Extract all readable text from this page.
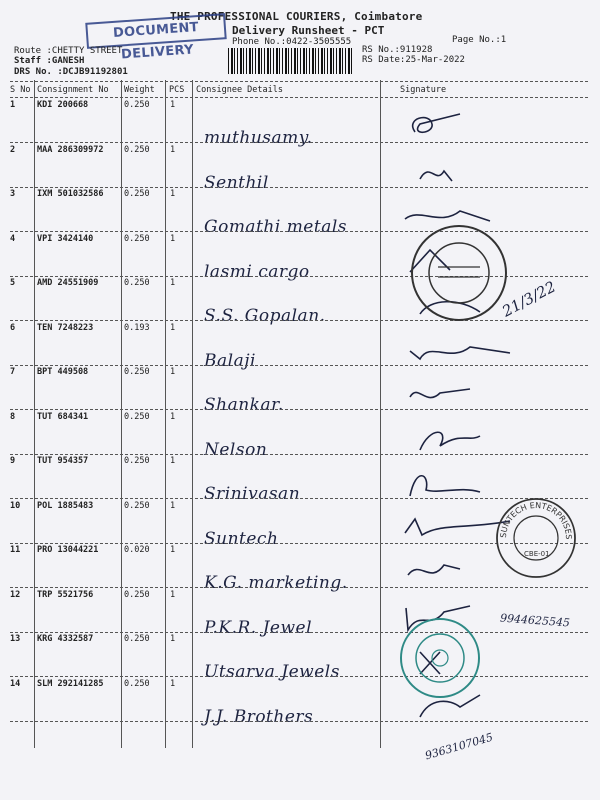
THE PROFESSIONAL COURIERS, Coimbatore
Delivery Runsheet - PCT
Phone No.:0422-3505555	Page No.:1
DOCUMENT DELIVERY
Route :CHETTY STREET
Staff :GANESH
DRS No. :DCJB91192801
RS No.:911928
RS Date:25-Mar-2022
S No Consignment No Weight PCS Consignee Details	Signature
1	KDI 200668	0.250 1
muthusamy.
2	MAA 286309972 0.250 1
Senthil
3	IXM 501032586 0.250 1
Gomathi metals
4	VPI 3424140	0.250 1
lasmi cargo
5	AMD 24551909	0.250 1
S.S. Gopalan.
6	TEN 7248223	0.193 1
Balaji
7	BPT 449508	0.250 1
Shankar.
8	TUT 684341	0.250 1
Nelson
9	TUT 954357	0.250 1
Srinivasan
10 POL 1885483	0.250 1
Suntech
11 PRO 13044221	0.020 1
K.G. marketing.
12 TRP 5521756	0.250 1
P.K.R. Jewel
13 KRG 4332587	0.250 1
Utsarva Jewels
14 SLM 292141285 0.250 1
J.J. Brothers
21/3/22
9944625545
9363107045
SUNTECH ENTERPRISES
CBE-01
